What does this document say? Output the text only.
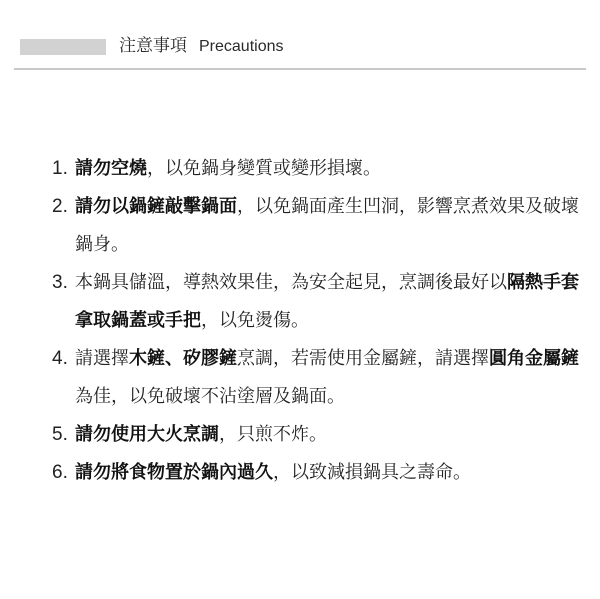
注意事項 Precautions
1. 請勿空燒，以免鍋身變質或變形損壞。
2. 請勿以鍋鏟敲擊鍋面，以免鍋面產生凹洞，影響烹煮效果及破壞鍋身。
3. 本鍋具儲溫，導熱效果佳，為安全起見，烹調後最好以隔熱手套拿取鍋蓋或手把，以免燙傷。
4. 請選擇木鏟、矽膠鏟烹調，若需使用金屬鏟，請選擇圓角金屬鏟為佳，以免破壞不沾塗層及鍋面。
5. 請勿使用大火烹調，只煎不炸。
6. 請勿將食物置於鍋內過久，以致減損鍋具之壽命。
